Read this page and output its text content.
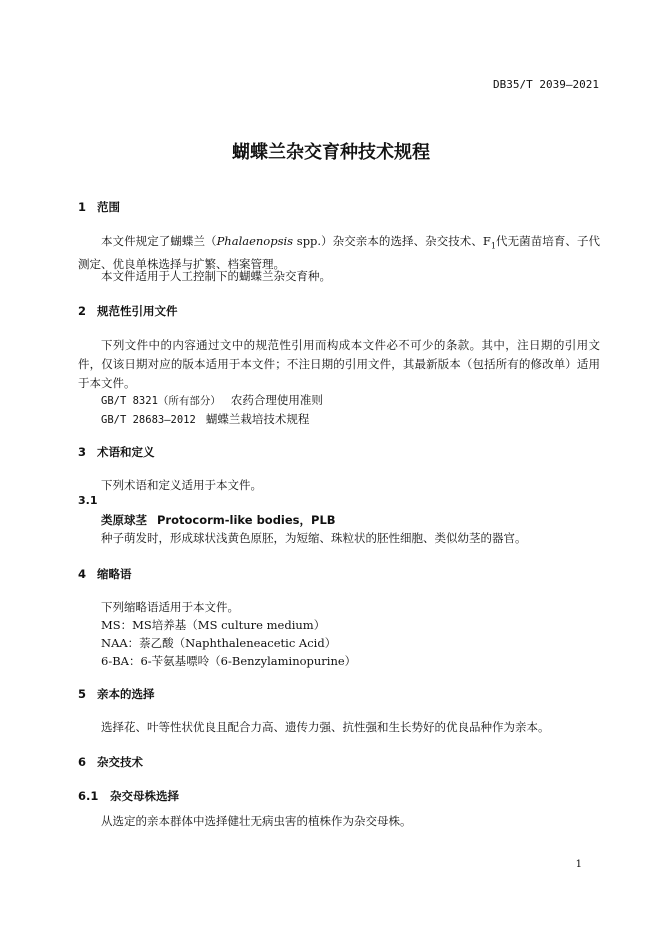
DB35/T 2039—2021
蝴蝶兰杂交育种技术规程
1 范围
本文件规定了蝴蝶兰（Phalaenopsis spp.）杂交亲本的选择、杂交技术、$F_1$代无菌苗培育、子代测定、优良单株选择与扩繁、档案管理。
本文件适用于人工控制下的蝴蝶兰杂交育种。
2 规范性引用文件
下列文件中的内容通过文中的规范性引用而构成本文件必不可少的条款。其中，注日期的引用文件，仅该日期对应的版本适用于本文件；不注日期的引用文件，其最新版本（包括所有的修改单）适用于本文件。
GB/T 8321（所有部分） 农药合理使用准则
GB/T 28683—2012 蝴蝶兰栽培技术规程
3 术语和定义
下列术语和定义适用于本文件。
3.1
类原球茎 Protocorm-like bodies，PLB
种子萌发时，形成球状浅黄色原胚，为短缩、珠粒状的胚性细胞、类似幼茎的器官。
4 缩略语
下列缩略语适用于本文件。
MS：MS培养基（MS culture medium）
NAA：萘乙酸（Naphthaleneacetic Acid）
6-BA：6-苄氨基嘌呤（6-Benzylaminopurine）
5 亲本的选择
选择花、叶等性状优良且配合力高、遗传力强、抗性强和生长势好的优良品种作为亲本。
6 杂交技术
6.1 杂交母株选择
从选定的亲本群体中选择健壮无病虫害的植株作为杂交母株。
1
